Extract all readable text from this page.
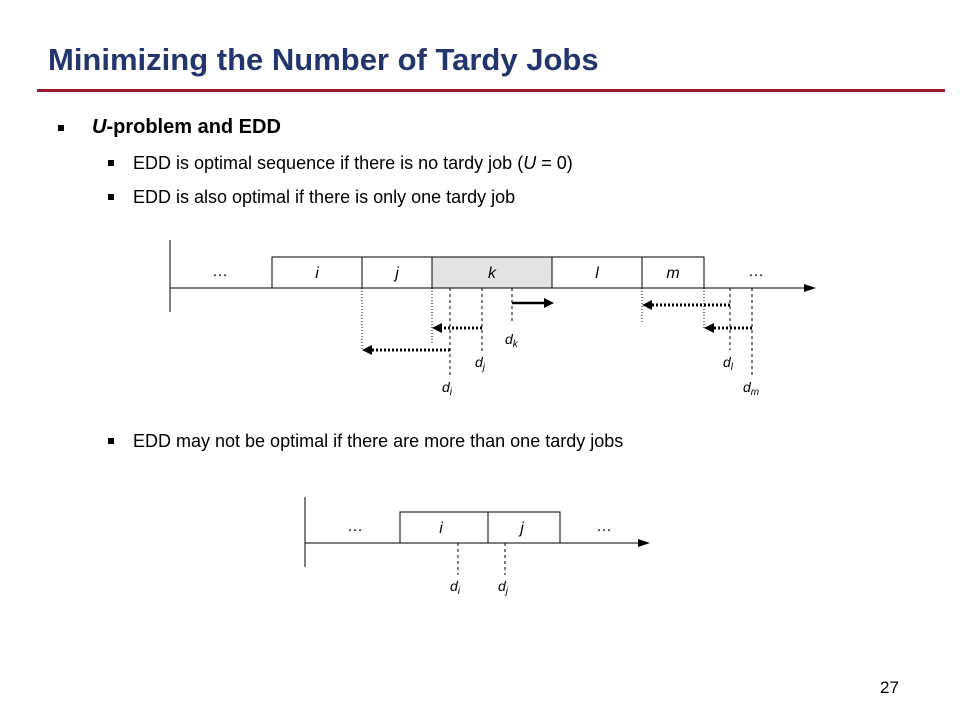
Minimizing the Number of Tardy Jobs
U-problem and EDD
EDD is optimal sequence if there is no tardy job (U = 0)
EDD is also optimal if there is only one tardy job
EDD may not be optimal if there are more than one tardy jobs
…	…
i	j	k	l	m
$d_i$
$d_j$
$d_k$
$d_l$
$d_m$
…	…
i	j
$d_i$	$d_j$
27
